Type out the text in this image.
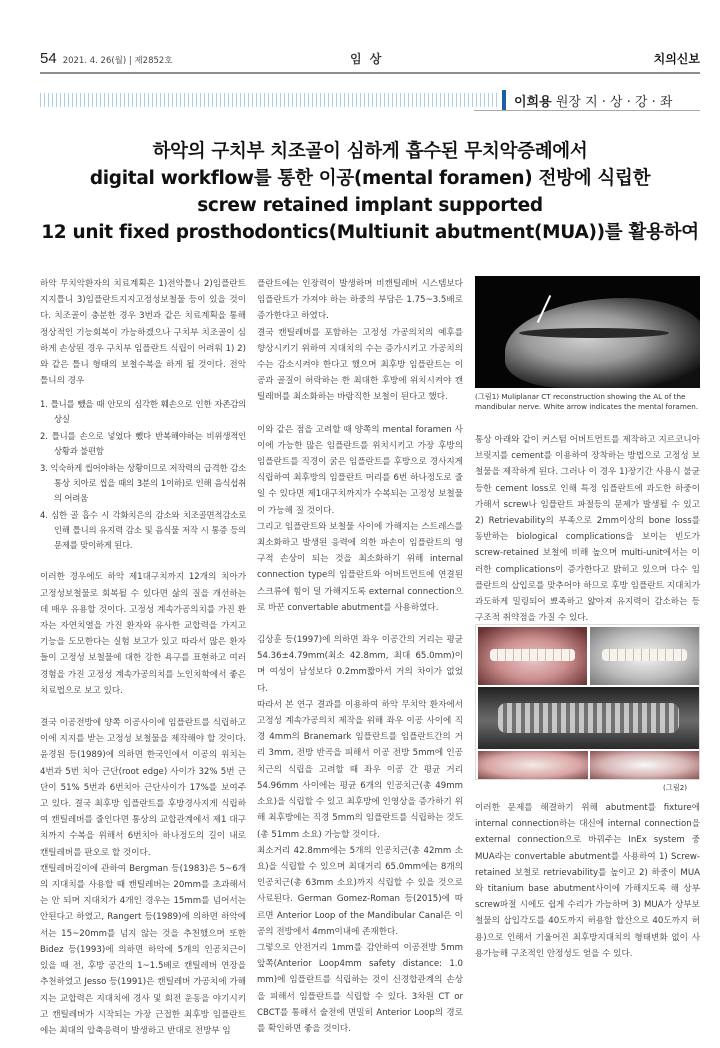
54 2021. 4. 26(월) | 제2852호	임 상	치의신보
이희용 원장 지 · 상 · 강 · 좌
하악의 구치부 치조골이 심하게 흡수된 무치악증례에서
digital workflow를 통한 이공(mental foramen) 전방에 식립한
screw retained implant supported
12 unit fixed prosthodontics(Multiunit abutment(MUA))를 활용하여

하악 무치악환자의 치료계획은 1)전악틀니 2)임플란트지지틀니 3)임플란트지지고정성보철물 등이 있을 것이다. 치조골이 충분한 경우 3번과 같은 치료계획을 통해 정상적인 기능회복이 가능하겠으나 구치부 치조골이 심하게 손상된 경우 구치부 임플란트 식립이 어려워 1) 2)와 같은 틀니 형태의 보철수복을 하게 될 것이다. 전악틀니의 경우

1. 틀니를 뺐을 때 안모의 심각한 훼손으로 인한 자존감의 상실
2. 틀니를 손으로 넣었다 뺐다 반복해야하는 비위생적인 상황과 불편함
3. 익숙하게 씹어야하는 상황이므로 저작력의 급격한 감소 통상 치아로 씹을 때의 3분의 1이하)로 인해 음식섭취의 어려움
4. 심한 골 흡수 시 각화치은의 감소와 치조골면적감소로 인해 틀니의 유지력 감소 및 음식물 저작 시 통증 등의 문제를 맞이하게 된다.

이러한 경우에도 하악 제1대구치까지 12개의 치아가 고정성보철물로 회복될 수 있다면 삶의 질을 개선하는데 매우 유용할 것이다. 고정성 계속가공의치를 가진 환자는 자연치열을 가진 환자와 유사한 교합력을 가지고 기능을 도모한다는 실험 보고가 있고 따라서 많은 환자들이 고정성 보철물에 대한 강한 욕구를 표현하고 여러 경험을 가진 고정성 계속가공의치를 노인치학에서 좋은 치료법으로 보고 있다.

결국 이공전방에 양쪽 이공사이에 임플란트를 식립하고 이에 지지를 받는 고정성 보철물을 제작해야 할 것이다. 윤경원 등(1989)에 의하면 한국인에서 이공의 위치는 4번과 5번 치아 근단(root edge) 사이가 32% 5번 근단이 51% 5번과 6번치아 근단사이가 17%를 보여주고 있다. 결국 최후방 임플란트를 후방경사지게 식립하여 캔틸레버를 줄인다면 통상의 교합관계에서 제1 대구치까지 수복을 위해서 6번치아 하나정도의 길이 내로 캔틸레버를 판오로 할 것이다.

캔틸레버길이에 관하여 Bergman 등(1983)은 5~6개의 지대치를 사용할 때 캔틸레버는 20mm를 초과해서는 안 되며 지대치가 4개인 경우는 15mm를 넘어서는 안된다고 하였고, Rangert 등(1989)에 의하면 하악에서는 15~20mm를 넘지 않는 것을 추천했으며 또한 Bidez 등(1993)에 의하면 하악에 5개의 인공치근이 있을 때 전, 후방 공간의 1~1.5배로 캔틸레버 연장을 추천하였고 Jesso 등(1991)은 캔틸레버 가공치에 가해지는 교합력은 지대치에 경사 및 회전 운동을 야기시키고 캔틸레버가 시작되는 가장 근접한 최후방 임플란트에는 최대의 압축응력이 발생하고 반대로 전방부 임

플란트에는 인장력이 발생하며 비캔틸레버 시스템보다 임플란트가 가져야 하는 하중의 부담은 1.75~3.5배로 증가한다고 하였다.

결국 캔틸레버를 포함하는 고정성 가공의치의 예후를 향상시키기 위하여 지대치의 수는 증가시키고 가공치의 수는 감소시켜야 한다고 했으며 최후방 임플란트는 이공과 골질이 허락하는 한 최대한 후방에 위치시켜야 캔틸레버를 최소화하는 바람직한 보철이 된다고 했다.

이와 같은 점을 고려할 때 양쪽의 mental foramen 사이에 가능한 많은 임플란트를 위치시키고 가장 후방의 임플란트를 직경이 굵은 임플란트를 후방으로 경사지게 식립하여 최후방의 임플란트 머리를 6번 하나정도로 줄일 수 있다면 제1대구치까지가 수복되는 고정성 보철물이 가능해 질 것이다.

그리고 임플란트와 보철물 사이에 가해지는 스트레스를 최소화하고 발생된 응력에 의한 파손이 임플란트의 영구적 손상이 되는 것을 최소화하기 위해 internal connection type의 임플란트와 어버트먼트에 연결된 스크류에 힘이 덜 가해지도록 external connection으로 바꾼 convertable abutment를 사용하였다.

김상훈 등(1997)에 의하면 좌우 이공간의 거리는 평균 54.36±4.79mm(최소 42.8mm, 최대 65.0mm)이며 여성이 남성보다 0.2mm짧아서 거의 차이가 없었다.

따라서 본 연구 결과를 이용하여 하악 무치악 환자에서 고정성 계속가공의치 제작을 위해 좌우 이공 사이에 직경 4mm의 Branemark 임플란트를 임플란트간의 거리 3mm, 전방 반곡을 피해서 이공 전방 5mm에 인공치근의 식립을 고려할 때 좌우 이공 간 평균 거리 54.96mm 사이에는 평균 6개의 인공치근(총 49mm 소요)을 식립할 수 있고 최후방에 인영상을 증가하기 위해 최후방에는 직경 5mm의 임플란트를 식립하는 것도(총 51mm 소요) 가능할 것이다.

최소거리 42.8mm에는 5개의 인공치근(총 42mm 소요)을 식립할 수 있으며 최대거리 65.0mm에는 8개의 인공치근(총 63mm 소요)까지 식립할 수 있을 것으로 사료된다. German Gomez-Roman 등(2015)에 따르면 Anterior Loop of the Mandibular Canal은 이공의 전방에서 4mm이내에 존재한다.

그렇으로 안전거리 1mm를 감안하여 이공전방 5mm앞쪽(Anterior Loop4mm safety distance: 1.0 mm)에 임플란트를 식립하는 것이 신경합관계의 손상을 피해서 임플란트를 식립할 수 있다. 3차원 CT or CBCT를 통해서 술전에 면밀히 Anterior Loop의 경로를 확인하면 좋을 것이다.

(그림1) Muliplanar CT reconstruction showing the AL of the mandibular nerve. White arrow indicates the mental foramen.

통상 아래와 같이 커스텀 어버트먼트를 제작하고 지르코니아 브릿지를 cement를 이용하여 장착하는 방법으로 고정성 보철물을 제작하게 된다. 그러나 이 경우 1)장기간 사용시 불균등한 cement loss로 인해 특정 임플란트에 과도한 하중이 가해서 screw나 임플란트 파절등의 문제가 발생될 수 있고 2) Retrievability의 부족으로 2mm이상의 bone loss를 동반하는 biological complications을 보이는 빈도가 screw-retained 보철에 비해 높으며 multi-unit에서는 이러한 complications이 증가한다고 밝히고 있으며 다수 임플란트의 삽입로를 맞추어야 하므로 후방 임플란트 지대치가 과도하게 밀링되어 뾰족하고 얇아져 유지력이 감소하는 등 구조적 취약점을 가질 수 있다.

(그림2)

이러한 문제를 해결하기 위해 abutment를 fixture에 internal connection하는 대신에 internal connection을 external connection으로 바꿔주는 InEx system 중 MUA라는 convertable abutment를 사용하여 1) Screw-retained 보철로 retrievability를 높이고 2) 하중이 MUA와 titanium base abutment사이에 가해지도록 해 상부 screw파절 시에도 쉽게 수리가 가능하며 3) MUA가 상부보철물의 삽입각도를 40도까지 허용함 합산으로 40도까지 허용)으로 인해서 기울어진 최후방지대치의 형태변화 없이 사용가능해 구조적인 안정성도 얻을 수 있다.
